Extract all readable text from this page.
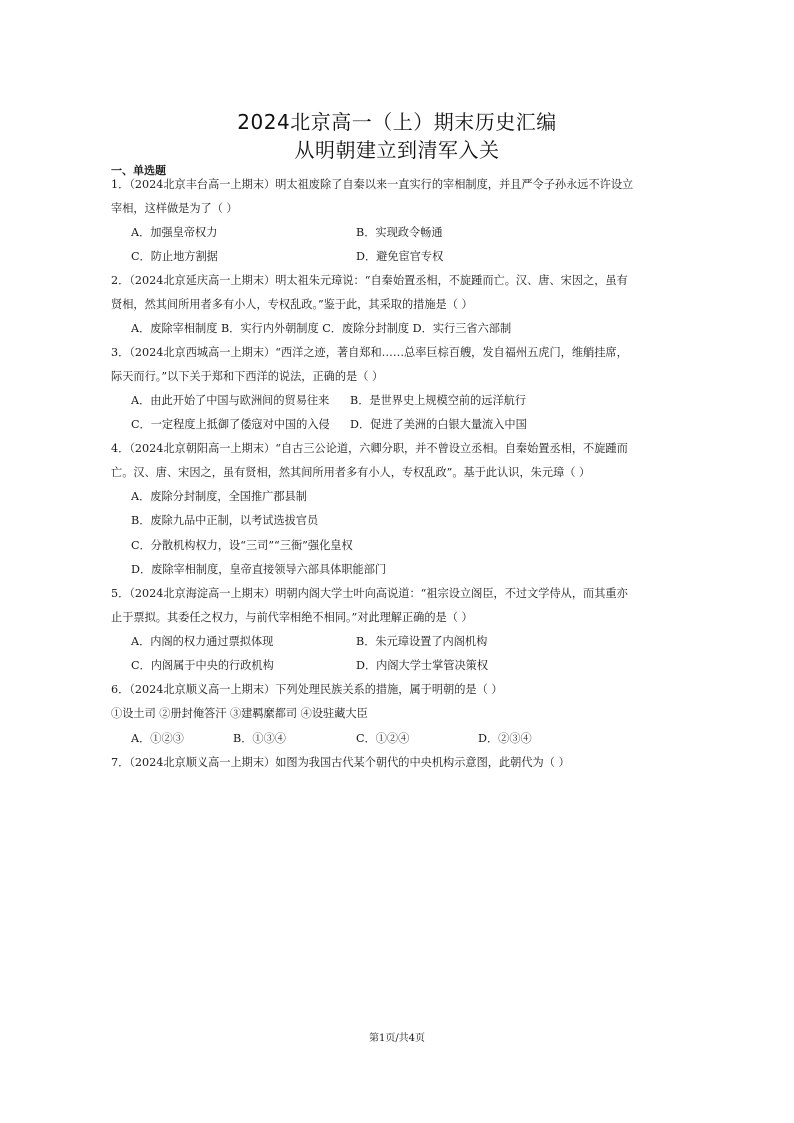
2024北京高一（上）期末历史汇编
从明朝建立到清军入关
一、单选题
1．（2024北京丰台高一上期末）明太祖废除了自秦以来一直实行的宰相制度，并且严令子孙永远不许设立
宰相，这样做是为了（ ）
A．加强皇帝权力	B．实现政令畅通
C．防止地方割据	D．避免宦官专权
2．（2024北京延庆高一上期末）明太祖朱元璋说：“自秦始置丞相，不旋踵而亡。汉、唐、宋因之，虽有
贤相，然其间所用者多有小人，专权乱政。”鉴于此，其采取的措施是（ ）
A．废除宰相制度 B．实行内外朝制度 C．废除分封制度 D．实行三省六部制
3．（2024北京西城高一上期末）“西洋之迹，著自郑和……总率巨棕百艘，发自福州五虎门，维艄挂席，
际天而行。”以下关于郑和下西洋的说法，正确的是（ ）
A．由此开始了中国与欧洲间的贸易往来 B．是世界史上规模空前的远洋航行
C．一定程度上抵御了倭寇对中国的入侵 D．促进了美洲的白银大量流入中国
4．（2024北京朝阳高一上期末）“自古三公论道，六卿分职，并不曾设立丞相。自秦始置丞相，不旋踵而
亡。汉、唐、宋因之，虽有贤相，然其间所用者多有小人，专权乱政”。基于此认识，朱元璋（ ）
A．废除分封制度，全国推广郡县制
B．废除九品中正制，以考试选拔官员
C．分散机构权力，设“三司”“三衙”强化皇权
D．废除宰相制度，皇帝直接领导六部具体职能部门
5．（2024北京海淀高一上期末）明朝内阁大学士叶向高说道：“祖宗设立阁臣，不过文学侍从，而其重亦
止于票拟。其委任之权力，与前代宰相绝不相同。”对此理解正确的是（ ）
A．内阁的权力通过票拟体现	B．朱元璋设置了内阁机构
C．内阁属于中央的行政机构	D．内阁大学士掌管决策权
6．（2024北京顺义高一上期末）下列处理民族关系的措施，属于明朝的是（ ）
①设土司 ②册封俺答汗 ③建羁縻都司 ④设驻藏大臣
A．①②③	B．①③④	C．①②④	D．②③④
7．（2024北京顺义高一上期末）如图为我国古代某个朝代的中央机构示意图，此朝代为（ ）
第1页/共4页
